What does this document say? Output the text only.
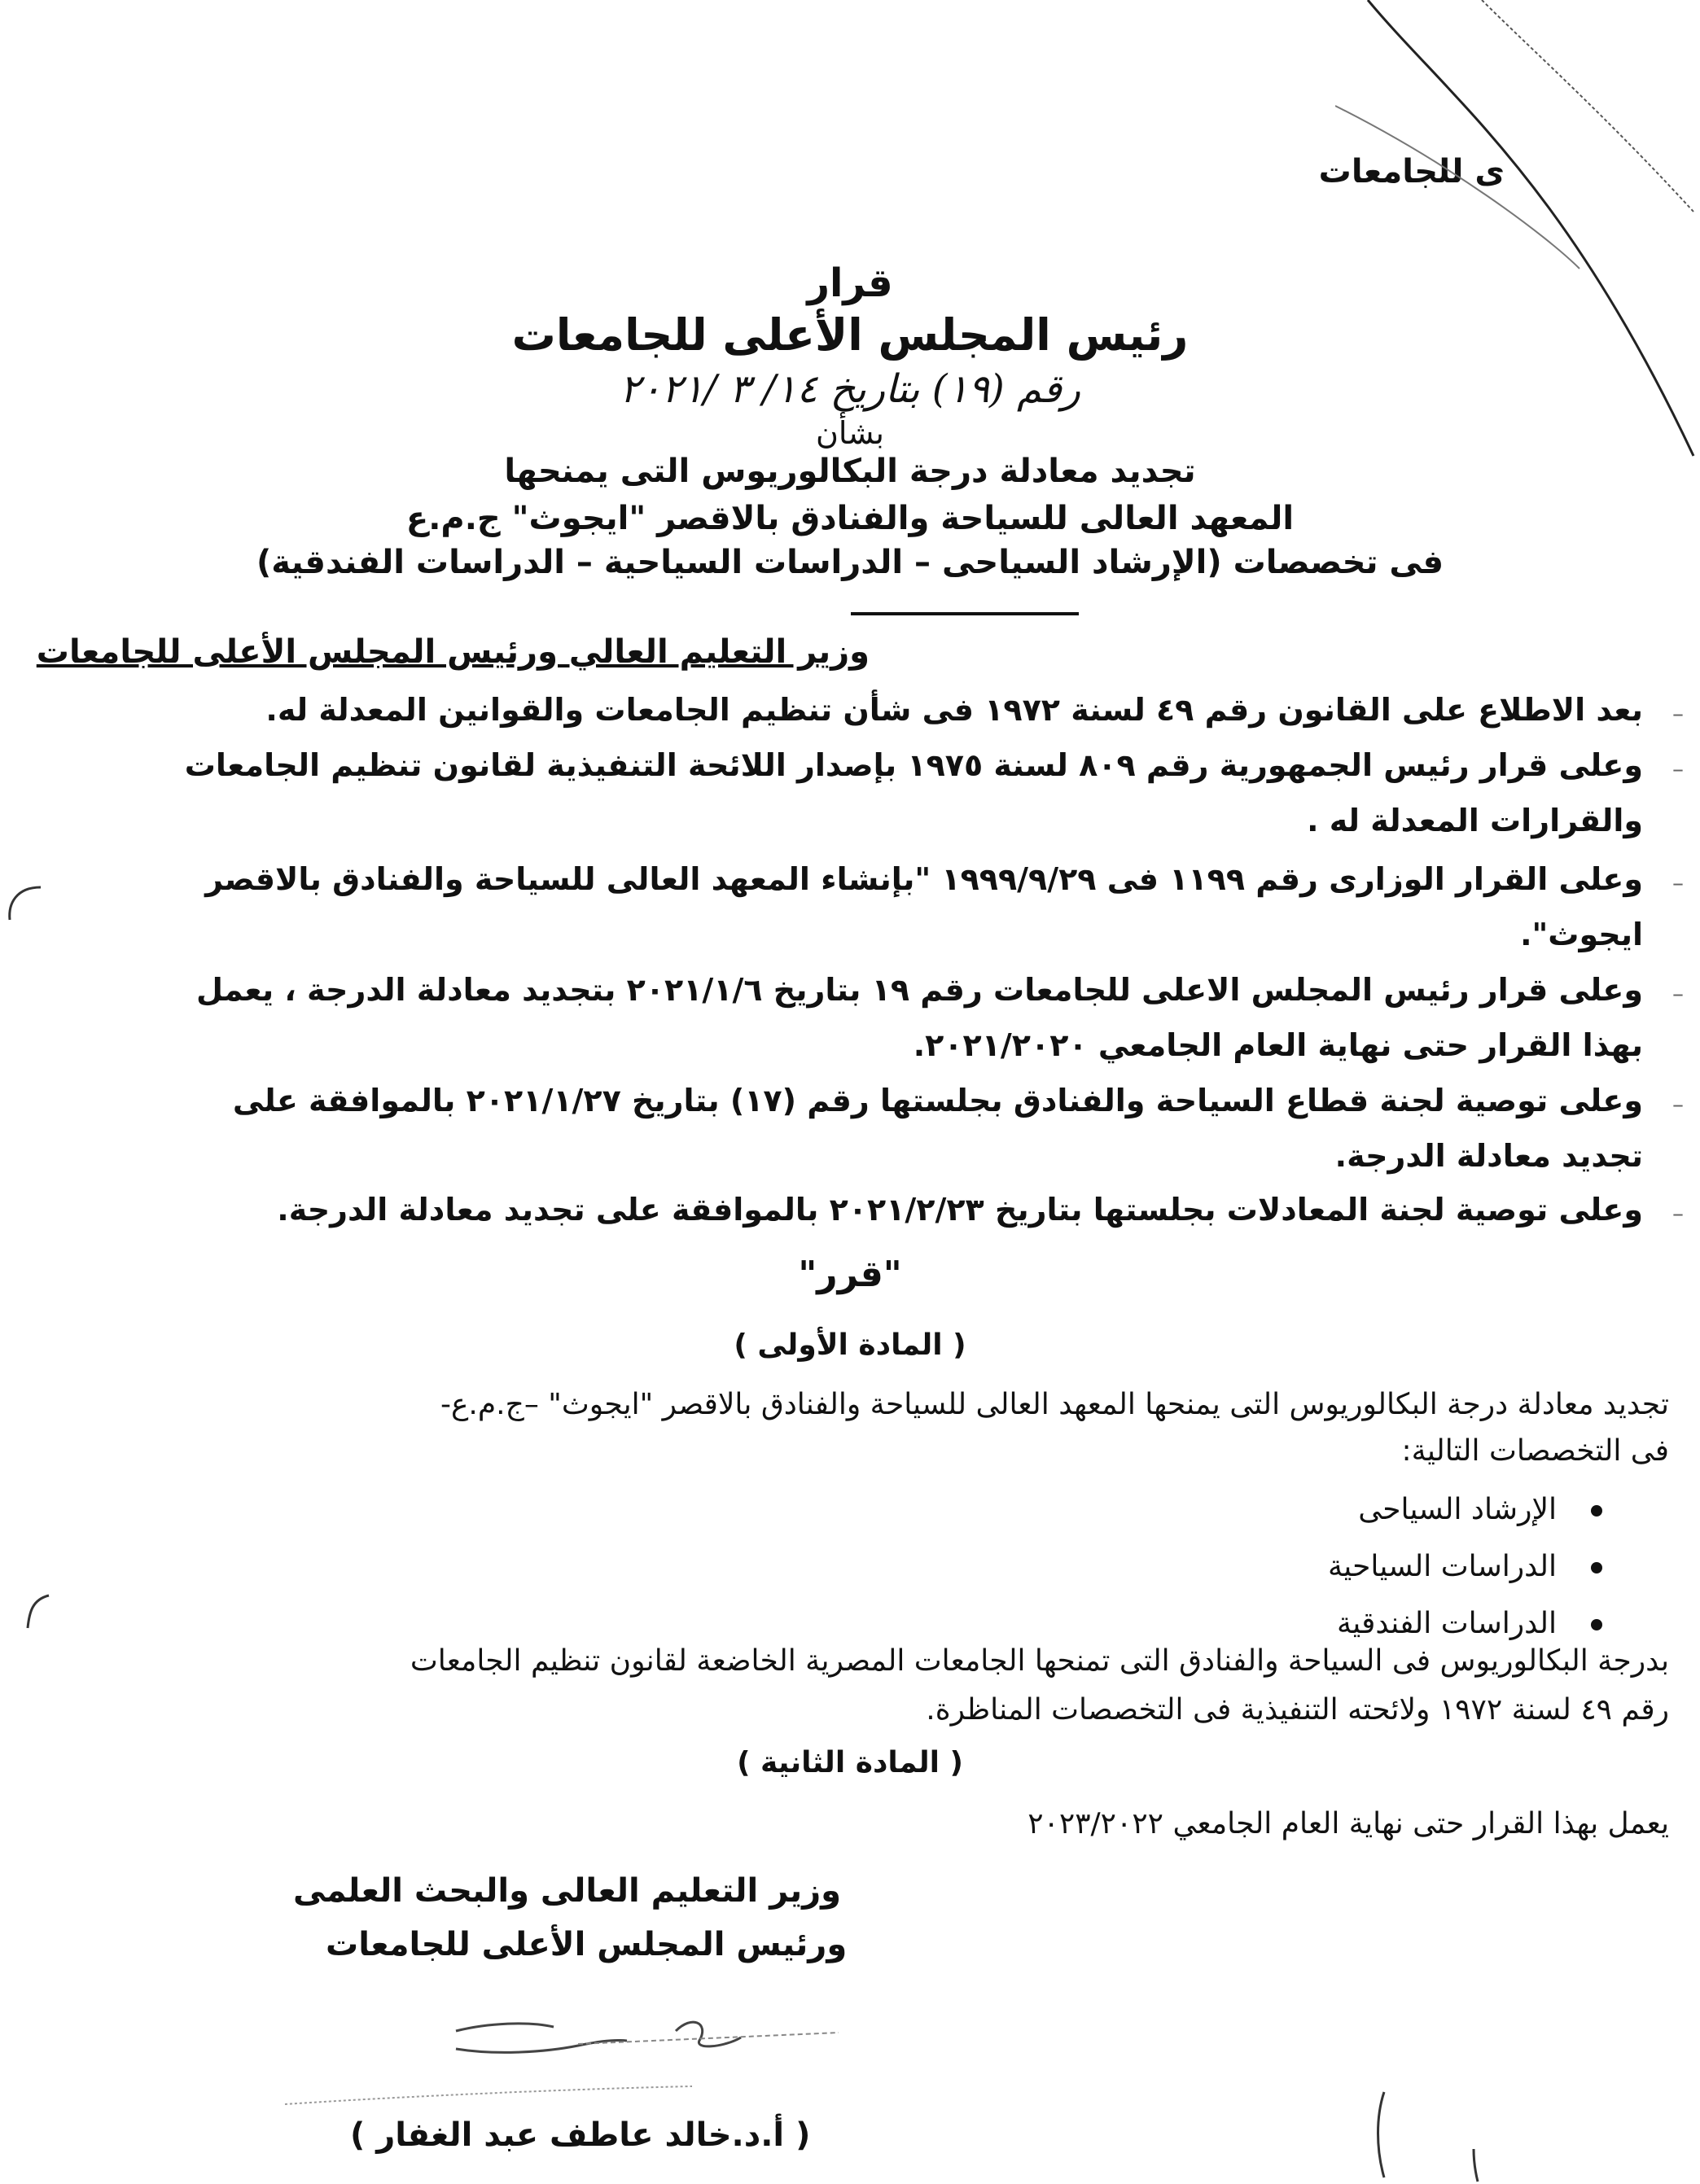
ى للجامعات
قرار
رئيس المجلس الأعلى للجامعات
رقم (١٩) بتاريخ ١٤/ ٣ /٢٠٢١
بشأن
تجديد معادلة درجة البكالوريوس التى يمنحها
المعهد العالى للسياحة والفنادق بالاقصر "ايجوث" ج.م.ع
فى تخصصات (الإرشاد السياحى – الدراسات السياحية – الدراسات الفندقية)
وزير التعليم العالي ورئيس المجلس الأعلى للجامعات
–
بعد الاطلاع على القانون رقم ٤٩ لسنة ١٩٧٢ فى شأن تنظيم الجامعات والقوانين المعدلة له.
–
وعلى قرار رئيس الجمهورية رقم ٨٠٩ لسنة ١٩٧٥ بإصدار اللائحة التنفيذية لقانون تنظيم الجامعات
والقرارات المعدلة له .
–
وعلى القرار الوزارى رقم ١١٩٩ فى ١٩٩٩/٩/٢٩ "بإنشاء المعهد العالى للسياحة والفنادق بالاقصر
ايجوث".
–
وعلى قرار رئيس المجلس الاعلى للجامعات رقم ١٩ بتاريخ ٢٠٢١/١/٦ بتجديد معادلة الدرجة ، يعمل
بهذا القرار حتى نهاية العام الجامعي ٢٠٢١/٢٠٢٠.
–
وعلى توصية لجنة قطاع السياحة والفنادق بجلستها رقم (١٧) بتاريخ ٢٠٢١/١/٢٧ بالموافقة على
تجديد معادلة الدرجة.
–
وعلى توصية لجنة المعادلات بجلستها بتاريخ ٢٠٢١/٢/٢٣ بالموافقة على تجديد معادلة الدرجة.
"قرر"
( المادة الأولى )
تجديد معادلة درجة البكالوريوس التى يمنحها المعهد العالى للسياحة والفنادق بالاقصر "ايجوث" –ج.م.ع-
فى التخصصات التالية:
الإرشاد السياحى
الدراسات السياحية
الدراسات الفندقية
بدرجة البكالوريوس فى السياحة والفنادق التى تمنحها الجامعات المصرية الخاضعة لقانون تنظيم الجامعات
رقم ٤٩ لسنة ١٩٧٢ ولائحته التنفيذية فى التخصصات المناظرة.
( المادة الثانية )
يعمل بهذا القرار حتى نهاية العام الجامعي ٢٠٢٣/٢٠٢٢
وزير التعليم العالى والبحث العلمى
ورئيس المجلس الأعلى للجامعات
( أ.د.خالد عاطف عبد الغفار )
